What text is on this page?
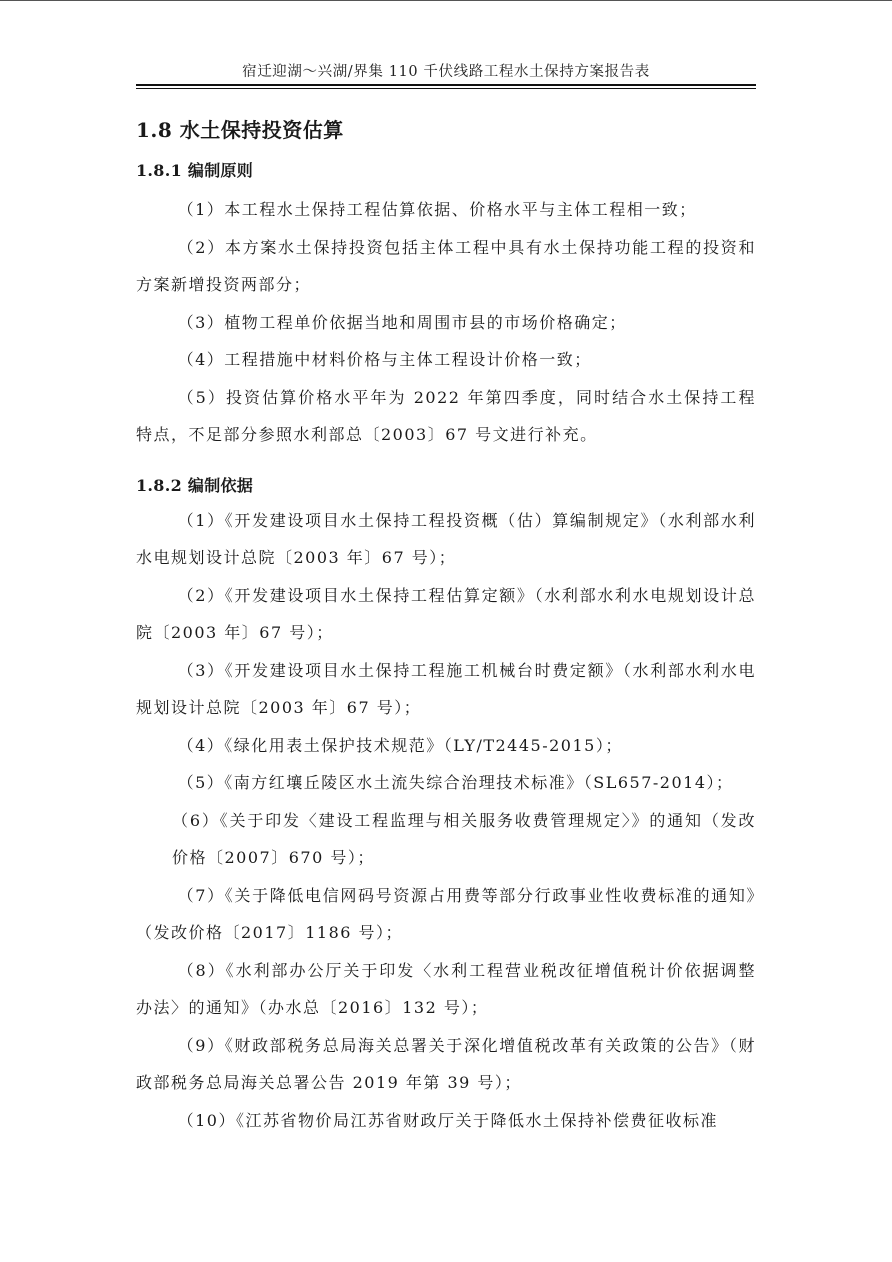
宿迁迎湖～兴湖/界集 110 千伏线路工程水土保持方案报告表
1.8 水土保持投资估算
1.8.1 编制原则

（1）本工程水土保持工程估算依据、价格水平与主体工程相一致；

（2）本方案水土保持投资包括主体工程中具有水土保持功能工程的投资和方案新增投资两部分；

（3）植物工程单价依据当地和周围市县的市场价格确定；

（4）工程措施中材料价格与主体工程设计价格一致；

（5）投资估算价格水平年为 2022 年第四季度，同时结合水土保持工程特点，不足部分参照水利部总〔2003〕67 号文进行补充。

1.8.2 编制依据

（1）《开发建设项目水土保持工程投资概（估）算编制规定》（水利部水利水电规划设计总院〔2003 年〕67 号）；

（2）《开发建设项目水土保持工程估算定额》（水利部水利水电规划设计总院〔2003 年〕67 号）；

（3）《开发建设项目水土保持工程施工机械台时费定额》（水利部水利水电规划设计总院〔2003 年〕67 号）；

（4）《绿化用表土保护技术规范》（LY/T2445-2015）；

（5）《南方红壤丘陵区水土流失综合治理技术标准》（SL657-2014）；

（6）《关于印发〈建设工程监理与相关服务收费管理规定〉》的通知（发改价格〔2007〕670 号）；

（7）《关于降低电信网码号资源占用费等部分行政事业性收费标准的通知》（发改价格〔2017〕1186 号）；

（8）《水利部办公厅关于印发〈水利工程营业税改征增值税计价依据调整办法〉的通知》（办水总〔2016〕132 号）；

（9）《财政部税务总局海关总署关于深化增值税改革有关政策的公告》（财政部税务总局海关总署公告 2019 年第 39 号）；

（10）《江苏省物价局江苏省财政厅关于降低水土保持补偿费征收标准
